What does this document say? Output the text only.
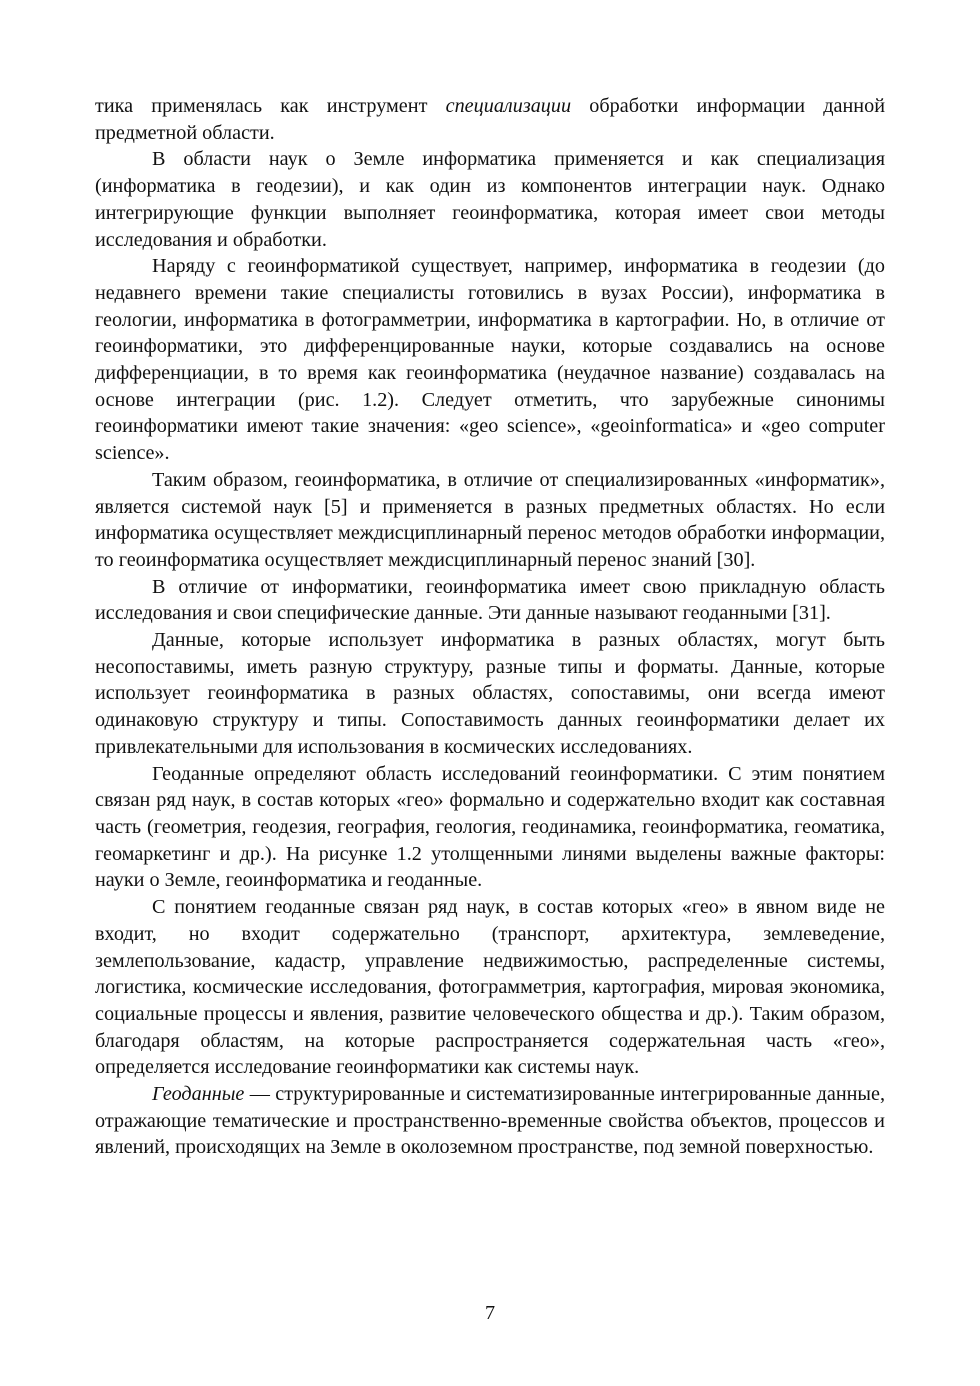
тика применялась как инструмент специализации обработки информации данной предметной области.

В области наук о Земле информатика применяется и как специализация (информатика в геодезии), и как один из компонентов интеграции наук. Однако интегрирующие функции выполняет геоинформатика, которая имеет свои методы исследования и обработки.

Наряду с геоинформатикой существует, например, информатика в геодезии (до недавнего времени такие специалисты готовились в вузах России), информатика в геологии, информатика в фотограмметрии, информатика в картографии. Но, в отличие от геоинформатики, это дифференцированные науки, которые создавались на основе дифференциации, в то время как геоинформатика (неудачное название) создавалась на основе интеграции (рис. 1.2). Следует отметить, что зарубежные синонимы геоинформатики имеют такие значения: «geo science», «geoinformatica» и «geo computer science».

Таким образом, геоинформатика, в отличие от специализированных «информатик», является системой наук [5] и применяется в разных предметных областях. Но если информатика осуществляет междисциплинарный перенос методов обработки информации, то геоинформатика осуществляет междисциплинарный перенос знаний [30].

В отличие от информатики, геоинформатика имеет свою прикладную область исследования и свои специфические данные. Эти данные называют геоданными [31].

Данные, которые использует информатика в разных областях, могут быть несопоставимы, иметь разную структуру, разные типы и форматы. Данные, которые использует геоинформатика в разных областях, сопоставимы, они всегда имеют одинаковую структуру и типы. Сопоставимость данных геоинформатики делает их привлекательными для использования в космических исследованиях.

Геоданные определяют область исследований геоинформатики. С этим понятием связан ряд наук, в состав которых «гео» формально и содержательно входит как составная часть (геометрия, геодезия, география, геология, геодинамика, геоинформатика, геоматика, геомаркетинг и др.). На рисунке 1.2 утолщенными линями выделены важные факторы: науки о Земле, геоинформатика и геоданные.

С понятием геоданные связан ряд наук, в состав которых «гео» в явном виде не входит, но входит содержательно (транспорт, архитектура, землеведение, землепользование, кадастр, управление недвижимостью, распределенные системы, логистика, космические исследования, фотограмметрия, картография, мировая экономика, социальные процессы и явления, развитие человеческого общества и др.). Таким образом, благодаря областям, на которые распространяется содержательная часть «гео», определяется исследование геоинформатики как системы наук.

Геоданные — структурированные и систематизированные интегрированные данные, отражающие тематические и пространственно-временные свойства объектов, процессов и явлений, происходящих на Земле в околоземном пространстве, под земной поверхностью.

7
